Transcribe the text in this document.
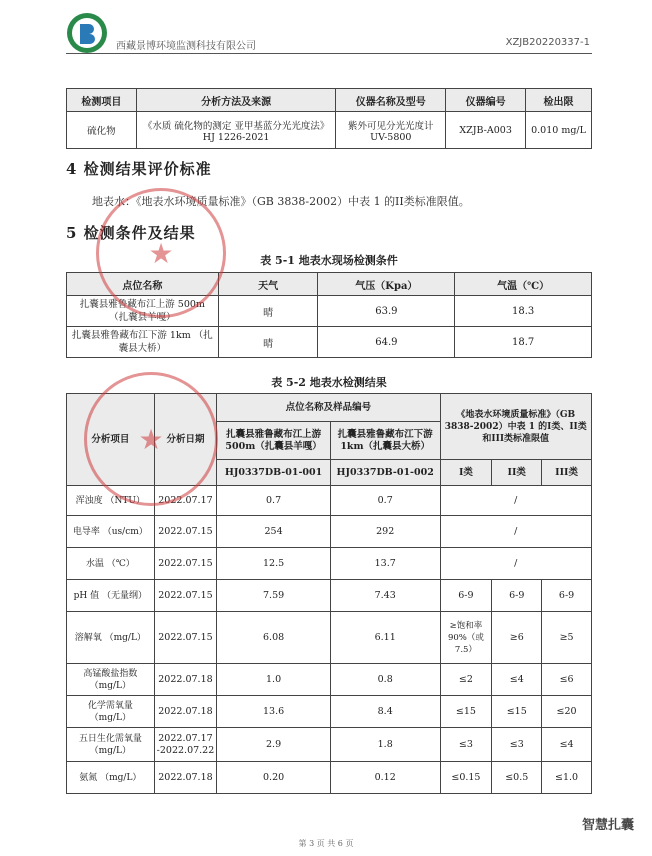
西藏景博环境监测科技有限公司	XZJB20220337-1
检测项目	分析方法及来源	仪器名称及型号	仪器编号	检出限
硫化物	《水质 硫化物的测定 亚甲基蓝分光光度法》HJ 1226-2021	紫外可见分光光度计 UV-5800	XZJB-A003	0.010 mg/L
4 检测结果评价标准
地表水：《地表水环境质量标准》（GB 3838-2002）中表 1 的II类标准限值。
5 检测条件及结果
表 5-1 地表水现场检测条件
点位名称	天气	气压（Kpa）	气温（℃）
扎囊县雅鲁藏布江上游 500m （扎囊县羊嘎）	晴	63.9	18.3
扎囊县雅鲁藏布江下游 1km （扎囊县大桥）	晴	64.9	18.7
表 5-2 地表水检测结果
分析项目	分析日期	点位名称及样品编号		《地表水环境质量标准》（GB 3838-2002）中表 1 的I类、II类和III类标准限值		
		扎囊县雅鲁藏布江上游 500m（扎囊县羊嘎）	扎囊县雅鲁藏布江下游 1km（扎囊县大桥）			
		HJ0337DB-01-001	HJ0337DB-01-002	I类	II类	III类
浑浊度 （NTU）	2022.07.17	0.7	0.7	/		
电导率 （us/cm）	2022.07.15	254	292	/		
水温 （℃）	2022.07.15	12.5	13.7	/		
pH 值 （无量纲）	2022.07.15	7.59	7.43	6-9	6-9	6-9
溶解氧 （mg/L）	2022.07.15	6.08	6.11	≥饱和率 90%（或 7.5）	≥6	≥5
高锰酸盐指数 （mg/L）	2022.07.18	1.0	0.8	≤2	≤4	≤6
化学需氧量 （mg/L）	2022.07.18	13.6	8.4	≤15	≤15	≤20
五日生化需氧量 （mg/L）	2022.07.17 -2022.07.22	2.9	1.8	≤3	≤3	≤4
氨氮 （mg/L）	2022.07.18	0.20	0.12	≤0.15	≤0.5	≤1.0
★
★
智慧扎囊
第 3 页 共 6 页
